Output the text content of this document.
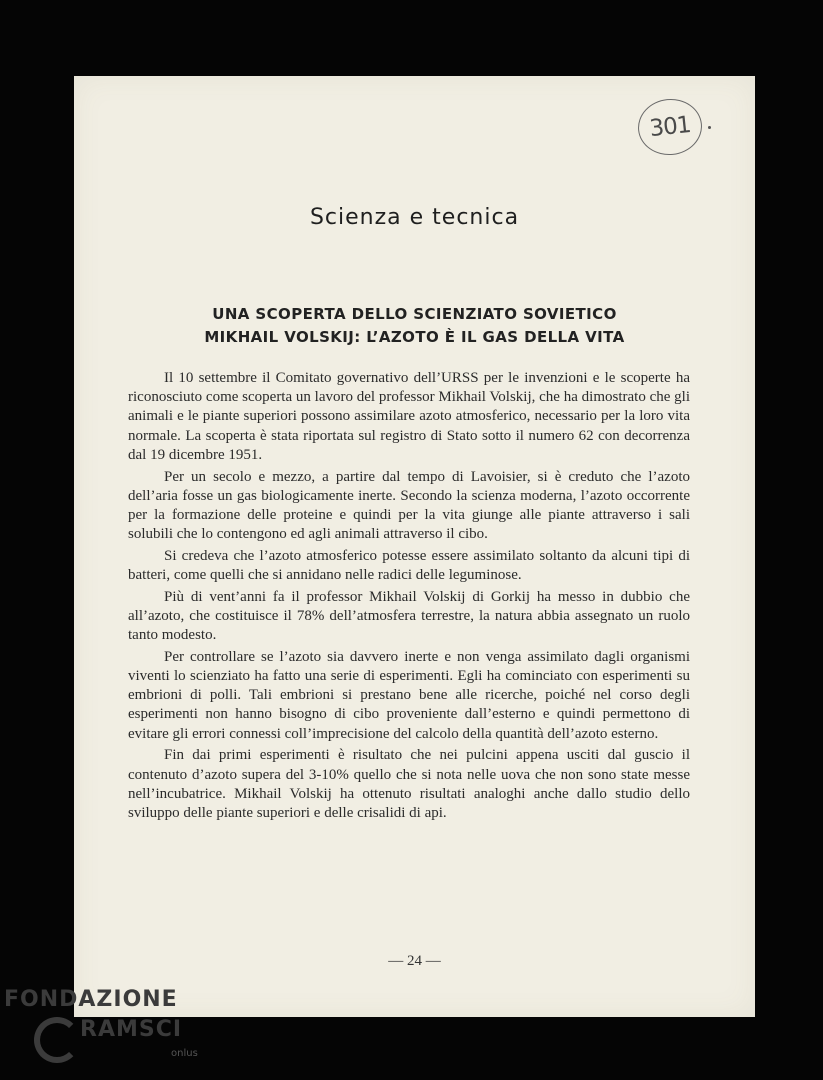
301
Scienza e tecnica
UNA SCOPERTA DELLO SCIENZIATO SOVIETICO
MIKHAIL VOLSKIJ: L’AZOTO È IL GAS DELLA VITA

Il 10 settembre il Comitato governativo dell’URSS per le invenzioni e le scoperte ha riconosciuto come scoperta un lavoro del professor Mikhail Volskij, che ha dimostrato che gli animali e le piante superiori possono assimilare azoto atmosferico, necessario per la loro vita normale. La scoperta è stata riportata sul registro di Stato sotto il numero 62 con decorrenza dal 19 dicembre 1951.

Per un secolo e mezzo, a partire dal tempo di Lavoisier, si è creduto che l’azoto dell’aria fosse un gas biologicamente inerte. Secondo la scienza moderna, l’azoto occorrente per la formazione delle proteine e quindi per la vita giunge alle piante attraverso i sali solubili che lo contengono ed agli animali attraverso il cibo.

Si credeva che l’azoto atmosferico potesse essere assimilato soltanto da alcuni tipi di batteri, come quelli che si annidano nelle radici delle leguminose.

Più di vent’anni fa il professor Mikhail Volskij di Gorkij ha messo in dubbio che all’azoto, che costituisce il 78% dell’atmosfera terrestre, la natura abbia assegnato un ruolo tanto modesto.

Per controllare se l’azoto sia davvero inerte e non venga assimilato dagli organismi viventi lo scienziato ha fatto una serie di esperimenti. Egli ha cominciato con esperimenti su embrioni di polli. Tali embrioni si prestano bene alle ricerche, poiché nel corso degli esperimenti non hanno bisogno di cibo proveniente dall’esterno e quindi permettono di evitare gli errori connessi coll’imprecisione del calcolo della quantità dell’azoto esterno.

Fin dai primi esperimenti è risultato che nei pulcini appena usciti dal guscio il contenuto d’azoto supera del 3-10% quello che si nota nelle uova che non sono state messe nell’incubatrice. Mikhail Volskij ha ottenuto risultati analoghi anche dallo studio dello sviluppo delle piante superiori e delle crisalidi di api.

— 24 —
FONDAZIONE
RAMSCI
onlus
